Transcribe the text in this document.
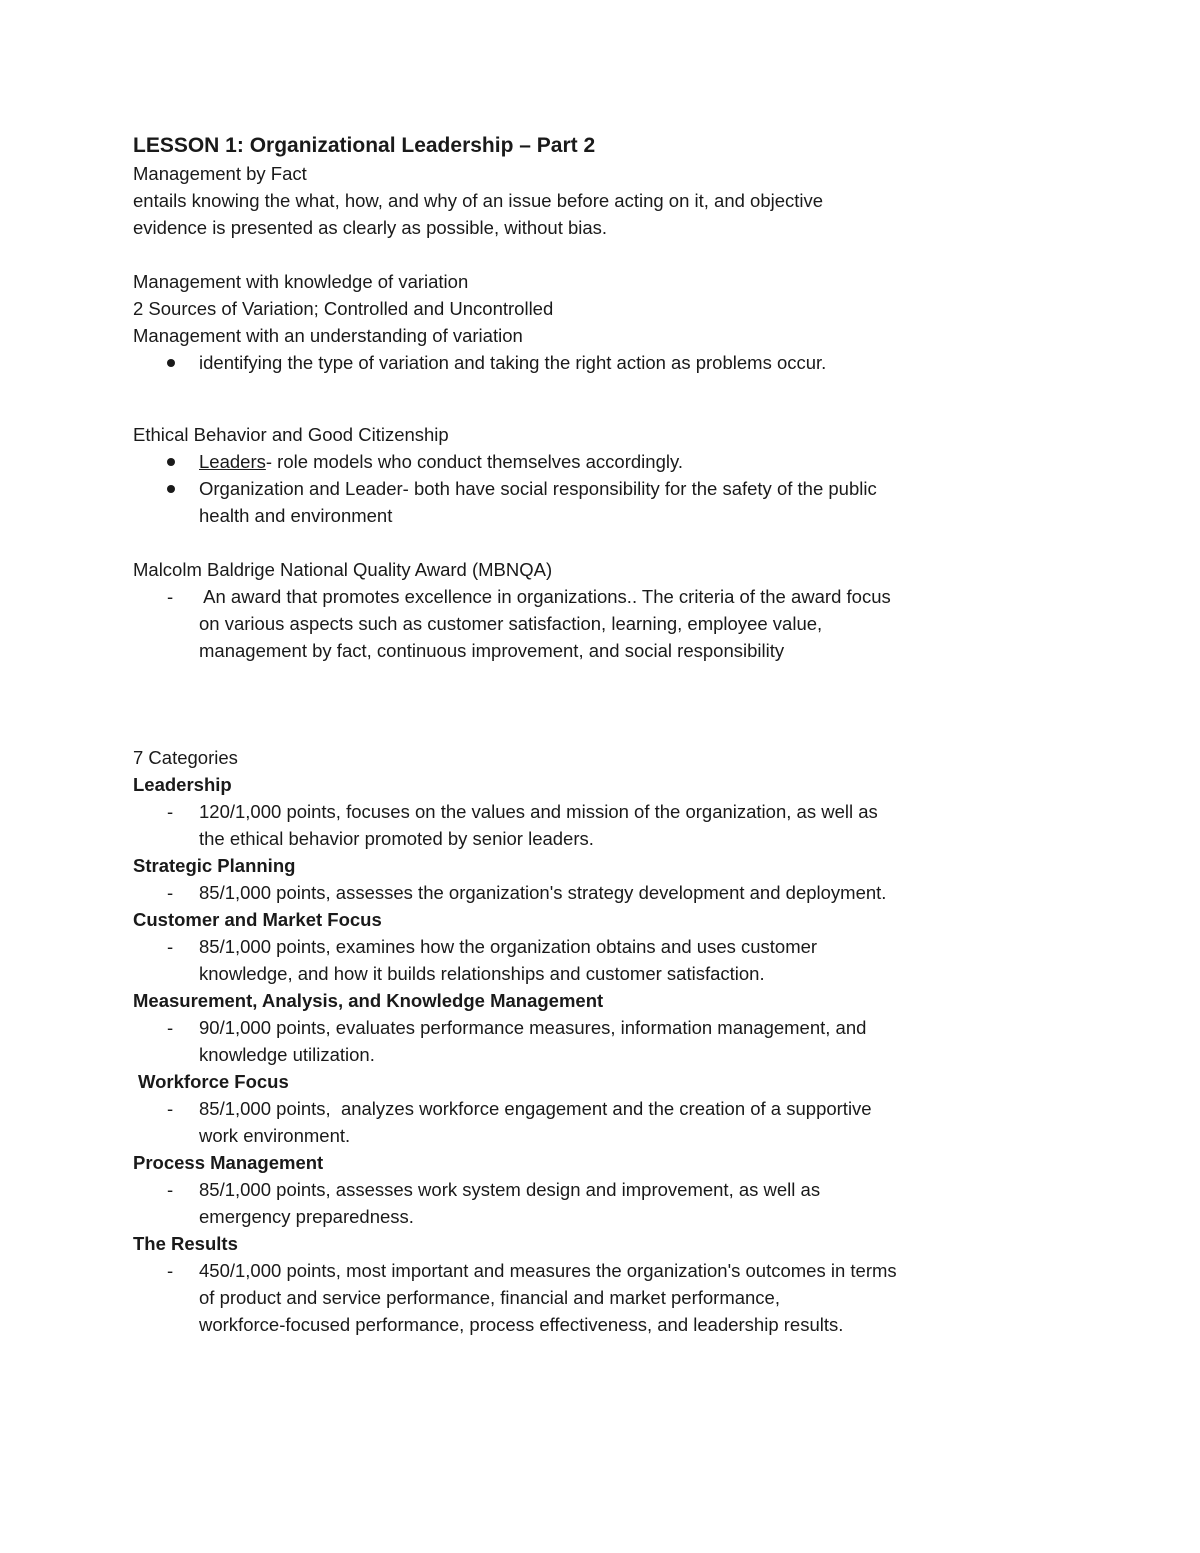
LESSON 1: Organizational Leadership – Part 2
Management by Fact
entails knowing the what, how, and why of an issue before acting on it, and objective
evidence is presented as clearly as possible, without bias.
Management with knowledge of variation
2 Sources of Variation; Controlled and Uncontrolled
Management with an understanding of variation
identifying the type of variation and taking the right action as problems occur.
Ethical Behavior and Good Citizenship
Leaders- role models who conduct themselves accordingly.
Organization and Leader- both have social responsibility for the safety of the public
health and environment
Malcolm Baldrige National Quality Award (MBNQA)
-	An award that promotes excellence in organizations.. The criteria of the award focus
on various aspects such as customer satisfaction, learning, employee value,
management by fact, continuous improvement, and social responsibility
7 Categories
Leadership
-	120/1,000 points, focuses on the values and mission of the organization, as well as
the ethical behavior promoted by senior leaders.
Strategic Planning
-	85/1,000 points, assesses the organization's strategy development and deployment.
Customer and Market Focus
-	85/1,000 points, examines how the organization obtains and uses customer
knowledge, and how it builds relationships and customer satisfaction.
Measurement, Analysis, and Knowledge Management
-	90/1,000 points, evaluates performance measures, information management, and
knowledge utilization.
Workforce Focus
-	85/1,000 points,  analyzes workforce engagement and the creation of a supportive
work environment.
Process Management
-	85/1,000 points, assesses work system design and improvement, as well as
emergency preparedness.
The Results
-	450/1,000 points, most important and measures the organization's outcomes in terms
of product and service performance, financial and market performance,
workforce-focused performance, process effectiveness, and leadership results.
